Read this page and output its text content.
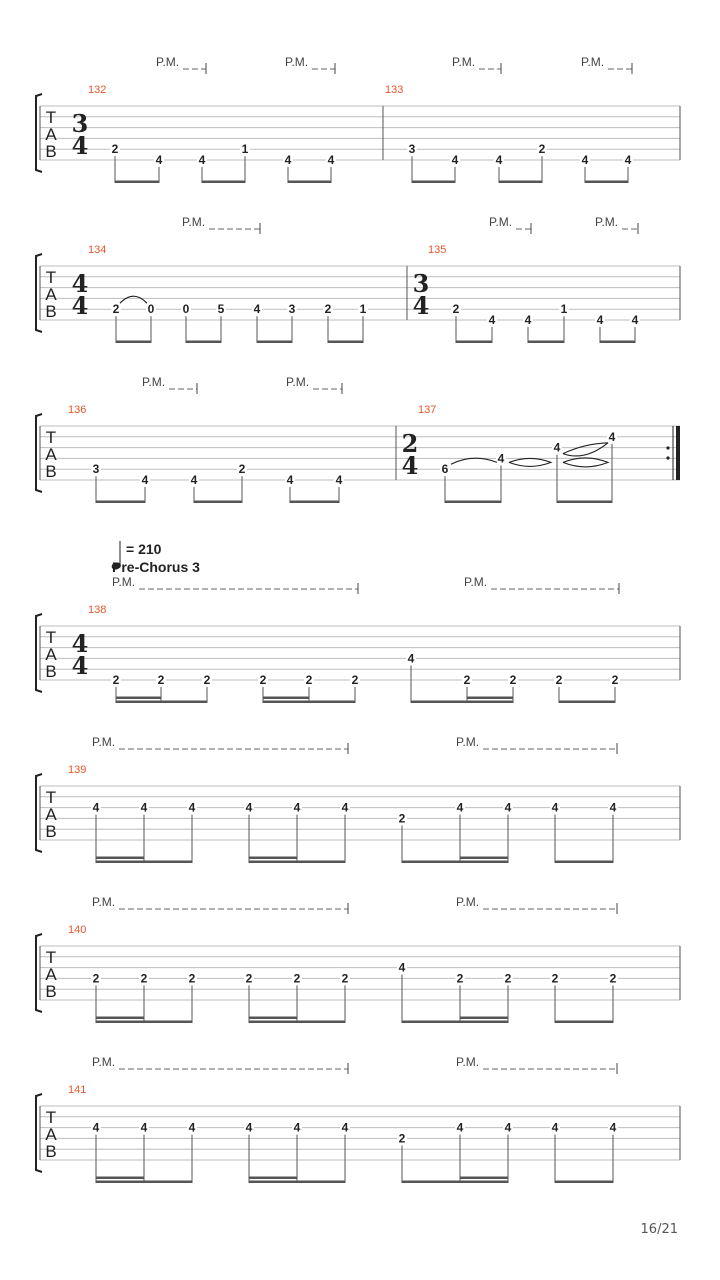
T
A
B
P.M.	P.M.	P.M.	P.M.
132
3
4 2
4	4
1
4	4
133
3
4	4
2
4	4
T
A
B
P.M.	P.M.	P.M.
134
4
4 2 0 0 5 4 3 2 1
135
3
4 2
4 4
1
4 4
T
A
B
P.M.	P.M.
136
3
4	4
2
4	4
137
2
4 6
4
4
4
T
A
B
P.M.	P.M.
= 210
Pre-Chorus 3
138
4
4 2	2	2	2	2	2
4
2	2	2	2
T
A
B
P.M.	P.M.
139
4	4	4	4	4	4
2
4	4	4	4
T
A
B
P.M.	P.M.
140
2	2	2	2	2	2
4
2	2	2	2
T
A
B
P.M.	P.M.
141
4	4	4	4	4	4
2
4	4	4	4
16/21
